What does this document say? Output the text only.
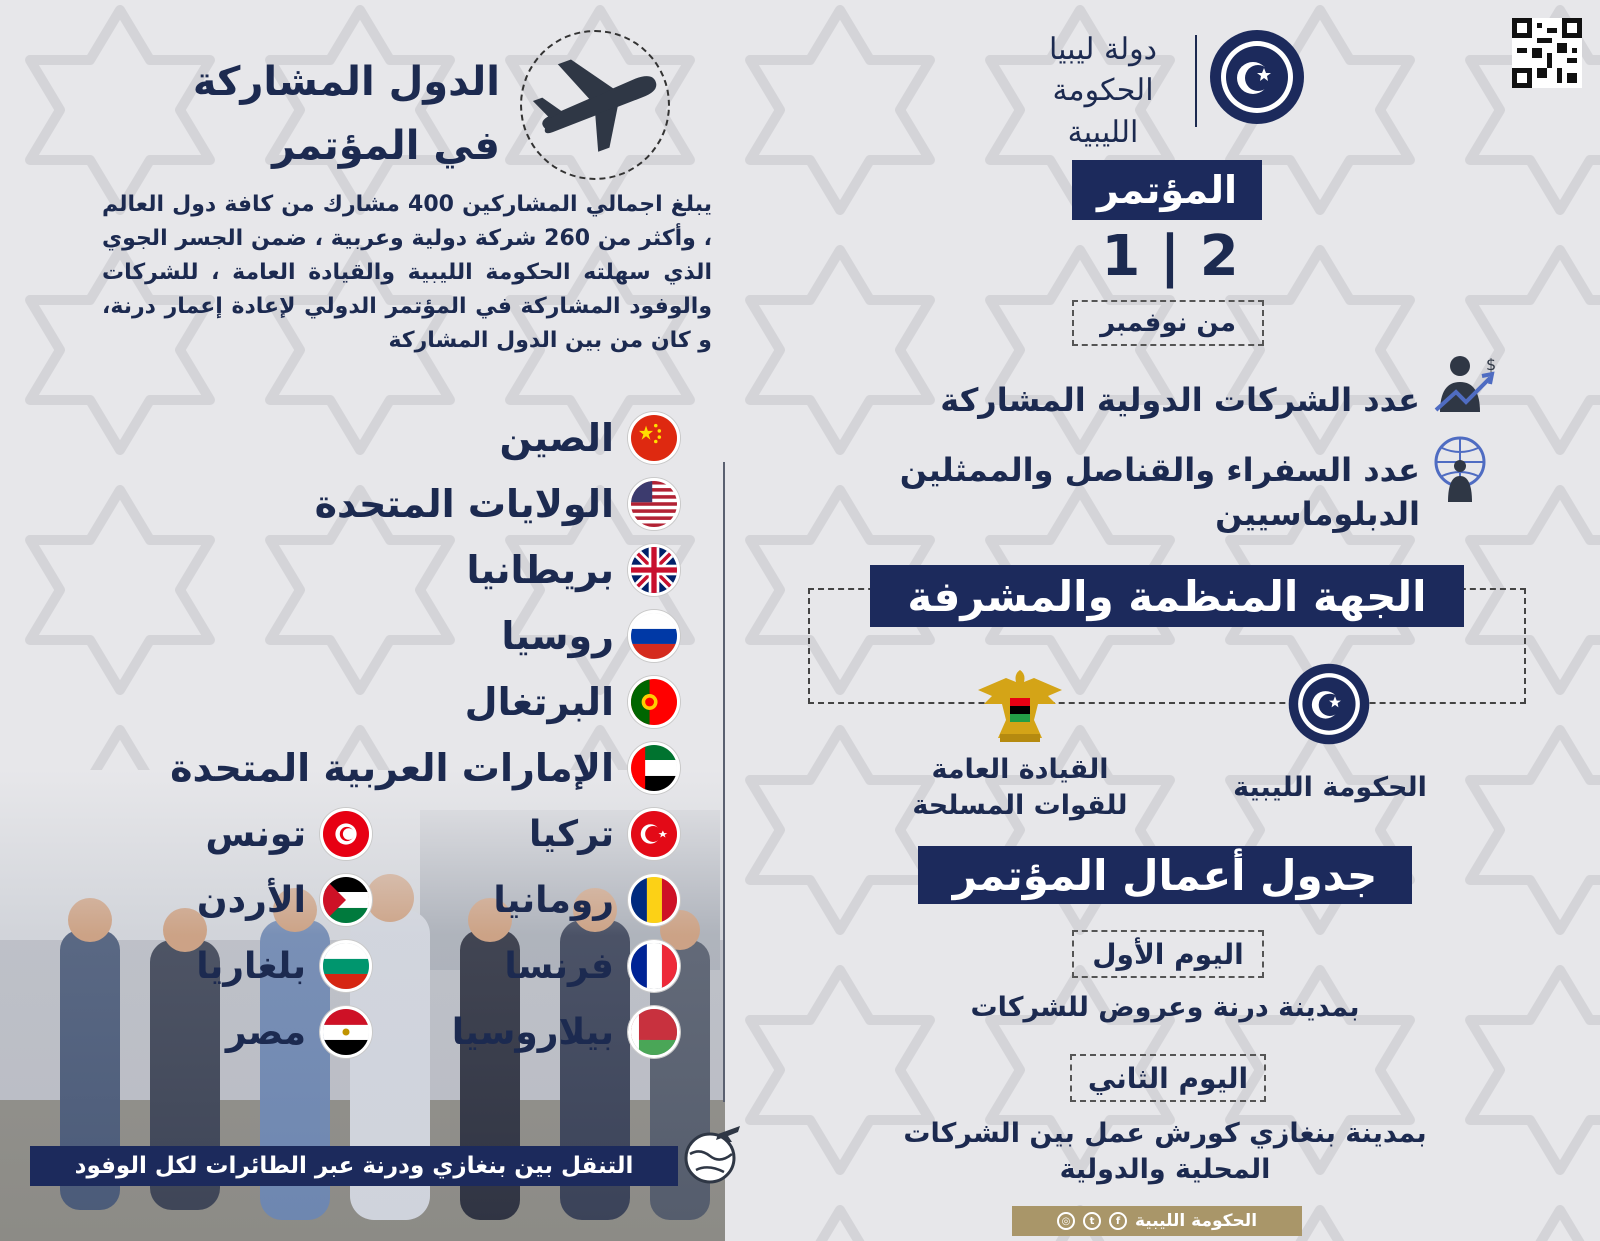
الدول المشاركة
في المؤتمر
يبلغ اجمالي المشاركين 400 مشارك من كافة دول العالم ، وأكثر من 260 شركة دولية وعربية ، ضمن الجسر الجوي الذي سهلته الحكومة الليبية والقيادة العامة ، للشركات والوفود المشاركة في المؤتمر الدولي لإعادة إعمار درنة، و كان من بين الدول المشاركة
الصين
الولايات المتحدة
بريطانيا
روسيا
البرتغال
الإمارات العربية المتحدة
تركيا
رومانيا
فرنسا
بيلاروسيا
تونس
الأردن
بلغاريا
مصر
التنقل بين بنغازي ودرنة عبر الطائرات لكل الوفود
دولة ليبيا
الحكومة الليبية
المؤتمر
1 | 2
من نوفمبر
$
عدد الشركات الدولية المشاركة
عدد السفراء والقناصل والممثلين
الدبلوماسيين
الجهة المنظمة والمشرفة
الحكومة الليبية
القيادة العامة
للقوات المسلحة
جدول أعمال المؤتمر
اليوم الأول
بمدينة درنة وعروض للشركات
اليوم الثاني
بمدينة بنغازي كورش عمل بين الشركات
المحلية والدولية
الحكومة الليبية
f
t
◎
